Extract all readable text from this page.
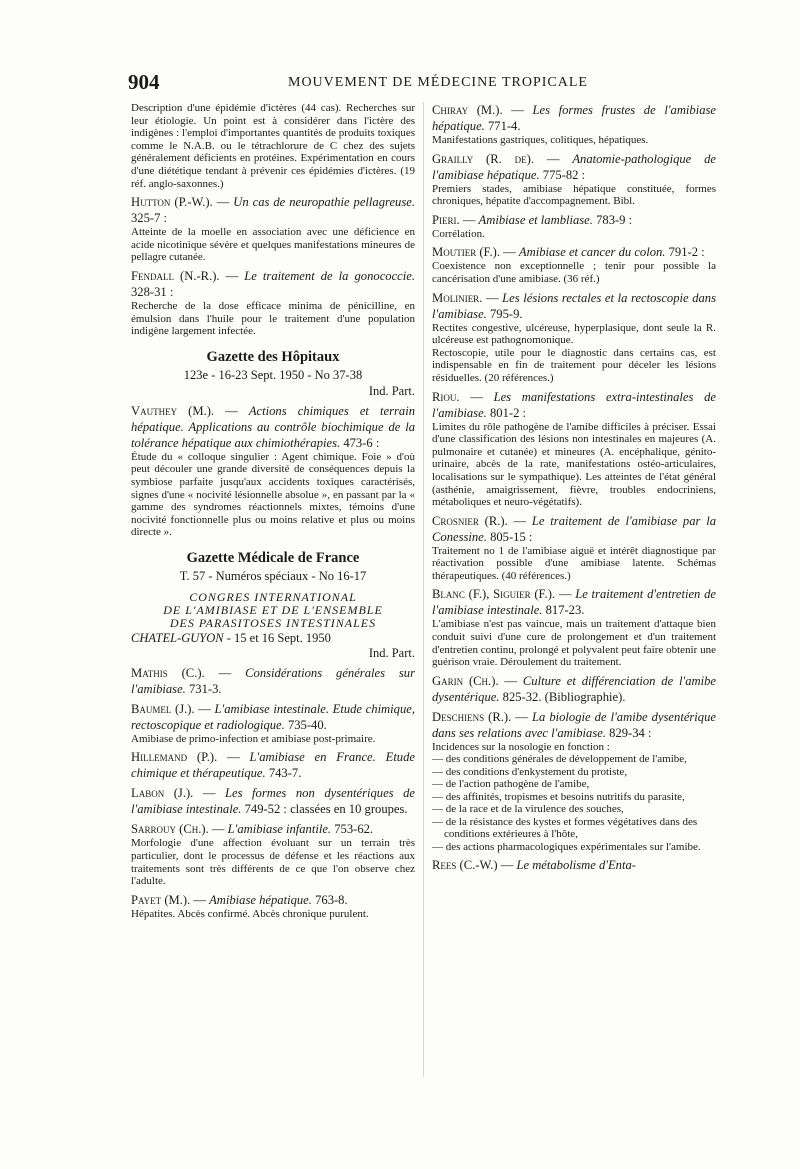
904	MOUVEMENT DE MÉDECINE TROPICALE

Description d'une épidémie d'ictères (44 cas). Recherches sur leur étiologie. Un point est à considérer dans l'ictère des indigènes : l'emploi d'importantes quantités de produits toxiques comme le N.A.B. ou le tétrachlorure de C chez des sujets généralement déficients en protéines. Expérimentation en cours d'une diététique tendant à prévenir ces épidémies d'ictères. (19 réf. anglo-saxonnes.)

Hutton (P.-W.). — Un cas de neuropathie pellagreuse. 325-7 :

Atteinte de la moelle en association avec une déficience en acide nicotinique sévère et quelques manifestations mineures de pellagre cutanée.

Fendall (N.-R.). — Le traitement de la gonococcie. 328-31 :

Recherche de la dose efficace minima de pénicilline, en émulsion dans l'huile pour le traitement d'une population indigène largement infectée.

Gazette des Hôpitaux

123e - 16-23 Sept. 1950 - No 37-38

Ind. Part.

Vauthey (M.). — Actions chimiques et terrain hépatique. Applications au contrôle biochimique de la tolérance hépatique aux chimiothérapies. 473-6 :

Étude du « colloque singulier : Agent chimique. Foie » d'où peut découler une grande diversité de conséquences depuis la symbiose parfaite jusqu'aux accidents toxiques caractérisés, signes d'une « nocivité lésionnelle absolue », en passant par la « gamme des syndromes réactionnels mixtes, témoins d'une nocivité fonctionnelle plus ou moins relative et plus ou moins directe ».

Gazette Médicale de France

T. 57 - Numéros spéciaux - No 16-17

CONGRES INTERNATIONAL

DE L'AMIBIASE ET DE L'ENSEMBLE

DES PARASITOSES INTESTINALES

CHATEL-GUYON - 15 et 16 Sept. 1950

Ind. Part.

Mathis (C.). — Considérations générales sur l'amibiase. 731-3.

Baumel (J.). — L'amibiase intestinale. Etude chimique, rectoscopique et radiologique. 735-40.

Amibiase de primo-infection et amibiase post-primaire.

Hillemand (P.). — L'amibiase en France. Etude chimique et thérapeutique. 743-7.

Labon (J.). — Les formes non dysentériques de l'amibiase intestinale. 749-52 : classées en 10 groupes.

Sarrouy (Ch.). — L'amibiase infantile. 753-62.

Morfologie d'une affection évoluant sur un terrain très particulier, dont le processus de défense et les réactions aux traitements sont très différents de ce que l'on observe chez l'adulte.

Payet (M.). — Amibiase hépatique. 763-8.

Hépatites. Abcès confirmé. Abcès chronique purulent.

Chiray (M.). — Les formes frustes de l'amibiase hépatique. 771-4.

Manifestations gastriques, colitiques, hépatiques.

Grailly (R. de). — Anatomie-pathologique de l'amibiase hépatique. 775-82 :

Premiers stades, amibiase hépatique constituée, formes chroniques, hépatite d'accompagnement. Bibl.

Pieri. — Amibiase et lambliase. 783-9 :

Corrélation.

Moutier (F.). — Amibiase et cancer du colon. 791-2 :

Coexistence non exceptionnelle ; tenir pour possible la cancérisation d'une amibiase. (36 réf.)

Molinier. — Les lésions rectales et la rectoscopie dans l'amibiase. 795-9.

Rectites congestive, ulcéreuse, hyperplasique, dont seule la R. ulcéreuse est pathognomonique.

Rectoscopie, utile pour le diagnostic dans certains cas, est indispensable en fin de traitement pour déceler les lésions résiduelles. (20 références.)

Riou. — Les manifestations extra-intestinales de l'amibiase. 801-2 :

Limites du rôle pathogène de l'amibe difficiles à préciser. Essai d'une classification des lésions non intestinales en majeures (A. pulmonaire et cutanée) et mineures (A. encéphalique, génito-urinaire, abcès de la rate, manifestations ostéo-articulaires, localisations sur le sympathique). Les atteintes de l'état général (asthénie, amaigrissement, fièvre, troubles endocriniens, métaboliques et neuro-végétatifs).

Crosnier (R.). — Le traitement de l'amibiase par la Conessine. 805-15 :

Traitement no 1 de l'amibiase aiguë et intérêt diagnostique par réactivation possible d'une amibiase latente. Schémas thérapeutiques. (40 références.)

Blanc (F.), Siguier (F.). — Le traitement d'entretien de l'amibiase intestinale. 817-23.

L'amibiase n'est pas vaincue, mais un traitement d'attaque bien conduit suivi d'une cure de prolongement et d'un traitement d'entretien continu, prolongé et polyvalent peut faire obtenir une guérison vraie. Déroulement du traitement.

Garin (Ch.). — Culture et différenciation de l'amibe dysentérique. 825-32. (Bibliographie).

Deschiens (R.). — La biologie de l'amibe dysentérique dans ses relations avec l'amibiase. 829-34 :

Incidences sur la nosologie en fonction :

— des conditions générales de développement de l'amibe,
— des conditions d'enkystement du protiste,
— de l'action pathogène de l'amibe,
— des affinités, tropismes et besoins nutritifs du parasite,
— de la race et de la virulence des souches,
— de la résistance des kystes et formes végétatives dans des conditions extérieures à l'hôte,
— des actions pharmacologiques expérimentales sur l'amibe.

Rees (C.-W.) — Le métabolisme d'Enta-
